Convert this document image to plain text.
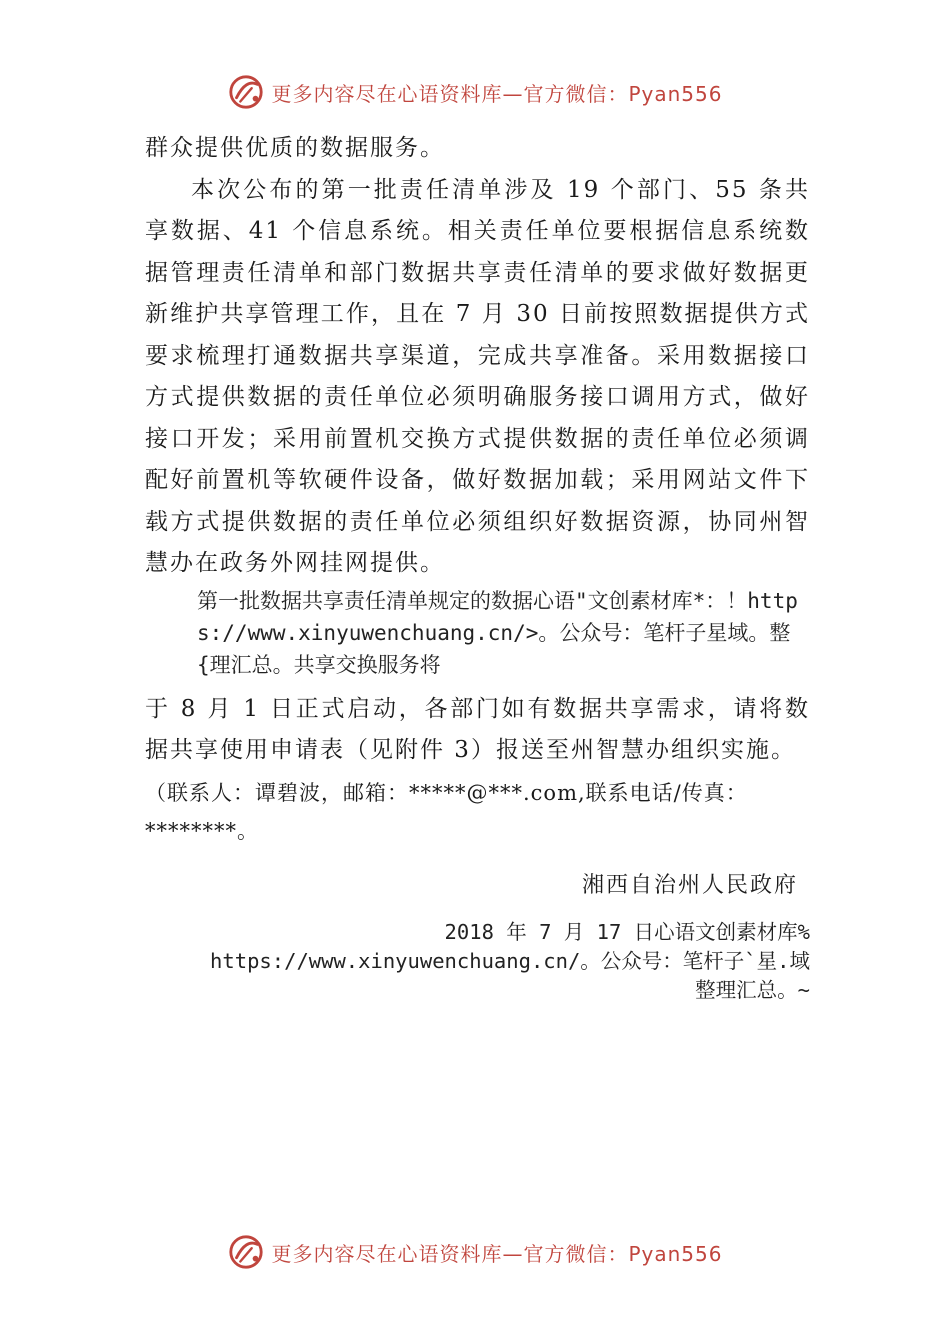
更多内容尽在心语资料库—官方微信：Pyan556

群众提供优质的数据服务。

本次公布的第一批责任清单涉及 19 个部门、55 条共享数据、41 个信息系统。相关责任单位要根据信息系统数据管理责任清单和部门数据共享责任清单的要求做好数据更新维护共享管理工作，且在 7 月 30 日前按照数据提供方式要求梳理打通数据共享渠道，完成共享准备。采用数据接口方式提供数据的责任单位必须明确服务接口调用方式，做好接口开发；采用前置机交换方式提供数据的责任单位必须调配好前置机等软硬件设备，做好数据加载；采用网站文件下载方式提供数据的责任单位必须组织好数据资源，协同州智慧办在政务外网挂网提供。

第一批数据共享责任清单规定的数据心语"文创素材库*：！https://www.xinyuwenchuang.cn/>。公众号：笔杆子星域。整{理汇总。共享交换服务将

于 8 月 1 日正式启动，各部门如有数据共享需求，请将数据共享使用申请表（见附件 3）报送至州智慧办组织实施。

（联系人：谭碧波，邮箱：*****@***.com,联系电话/传真： ********。

湘西自治州人民政府

2018 年 7 月 17 日心语文创素材库%
https://www.xinyuwenchuang.cn/。公众号：笔杆子`星.域
整理汇总。~

更多内容尽在心语资料库—官方微信：Pyan556
